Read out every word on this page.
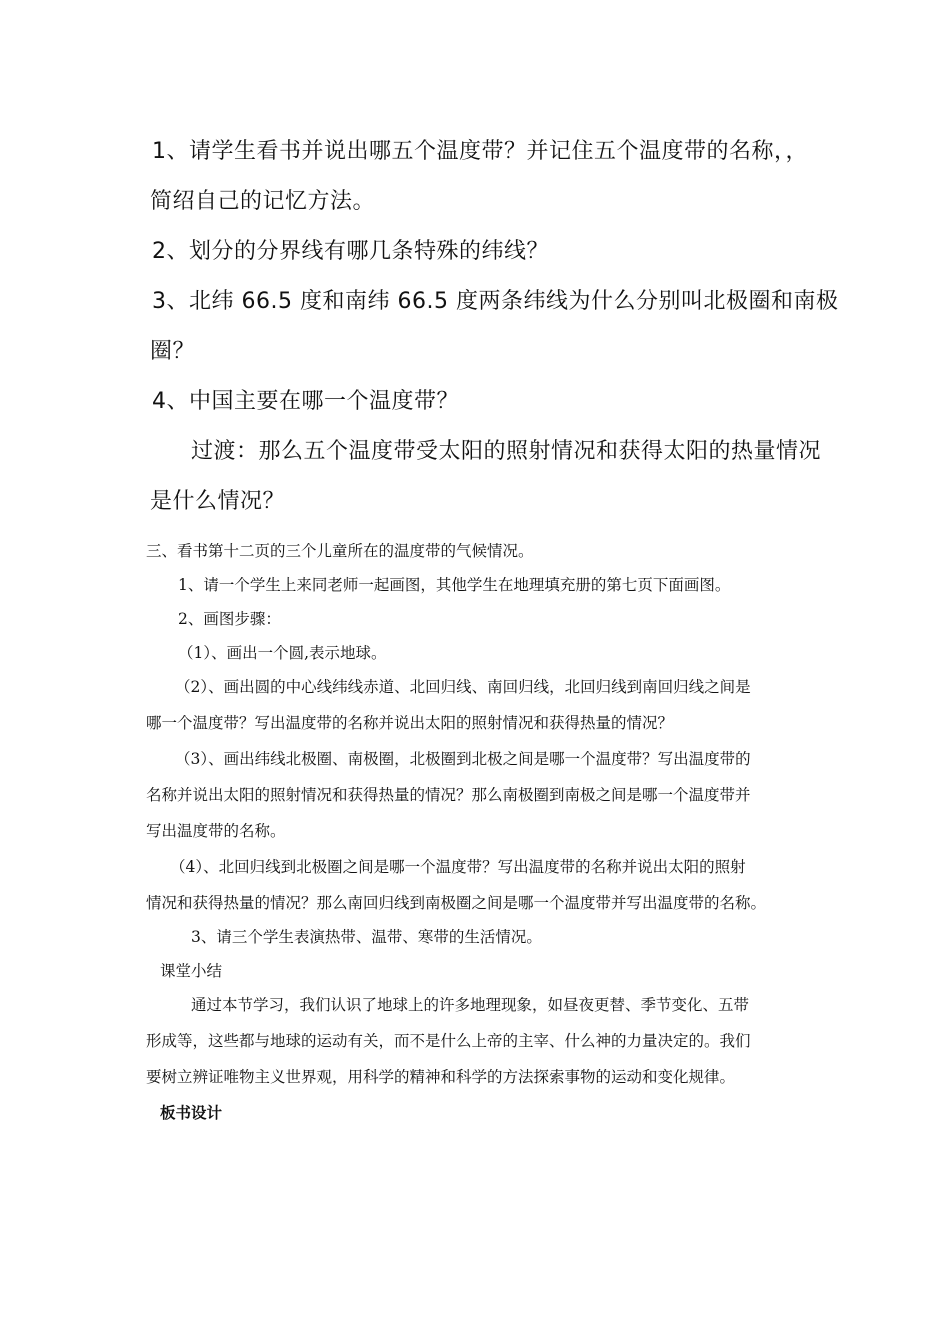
1、请学生看书并说出哪五个温度带？并记住五个温度带的名称，，

简绍自己的记忆方法。

2、划分的分界线有哪几条特殊的纬线？

3、北纬 66.5 度和南纬 66.5 度两条纬线为什么分别叫北极圈和南极

圈？

4、中国主要在哪一个温度带？

过渡：那么五个温度带受太阳的照射情况和获得太阳的热量情况

是什么情况？

三、看书第十二页的三个儿童所在的温度带的气候情况。

1、请一个学生上来同老师一起画图，其他学生在地理填充册的第七页下面画图。

2、画图步骤：

（1）、画出一个圆,表示地球。

（2）、画出圆的中心线纬线赤道、北回归线、南回归线，北回归线到南回归线之间是

哪一个温度带？写出温度带的名称并说出太阳的照射情况和获得热量的情况？

（3）、画出纬线北极圈、南极圈，北极圈到北极之间是哪一个温度带？写出温度带的

名称并说出太阳的照射情况和获得热量的情况？那么南极圈到南极之间是哪一个温度带并

写出温度带的名称。

（4）、北回归线到北极圈之间是哪一个温度带？写出温度带的名称并说出太阳的照射

情况和获得热量的情况？那么南回归线到南极圈之间是哪一个温度带并写出温度带的名称。

3、请三个学生表演热带、温带、寒带的生活情况。

课堂小结

通过本节学习，我们认识了地球上的许多地理现象，如昼夜更替、季节变化、五带

形成等，这些都与地球的运动有关，而不是什么上帝的主宰、什么神的力量决定的。我们

要树立辨证唯物主义世界观，用科学的精神和科学的方法探索事物的运动和变化规律。

板书设计
